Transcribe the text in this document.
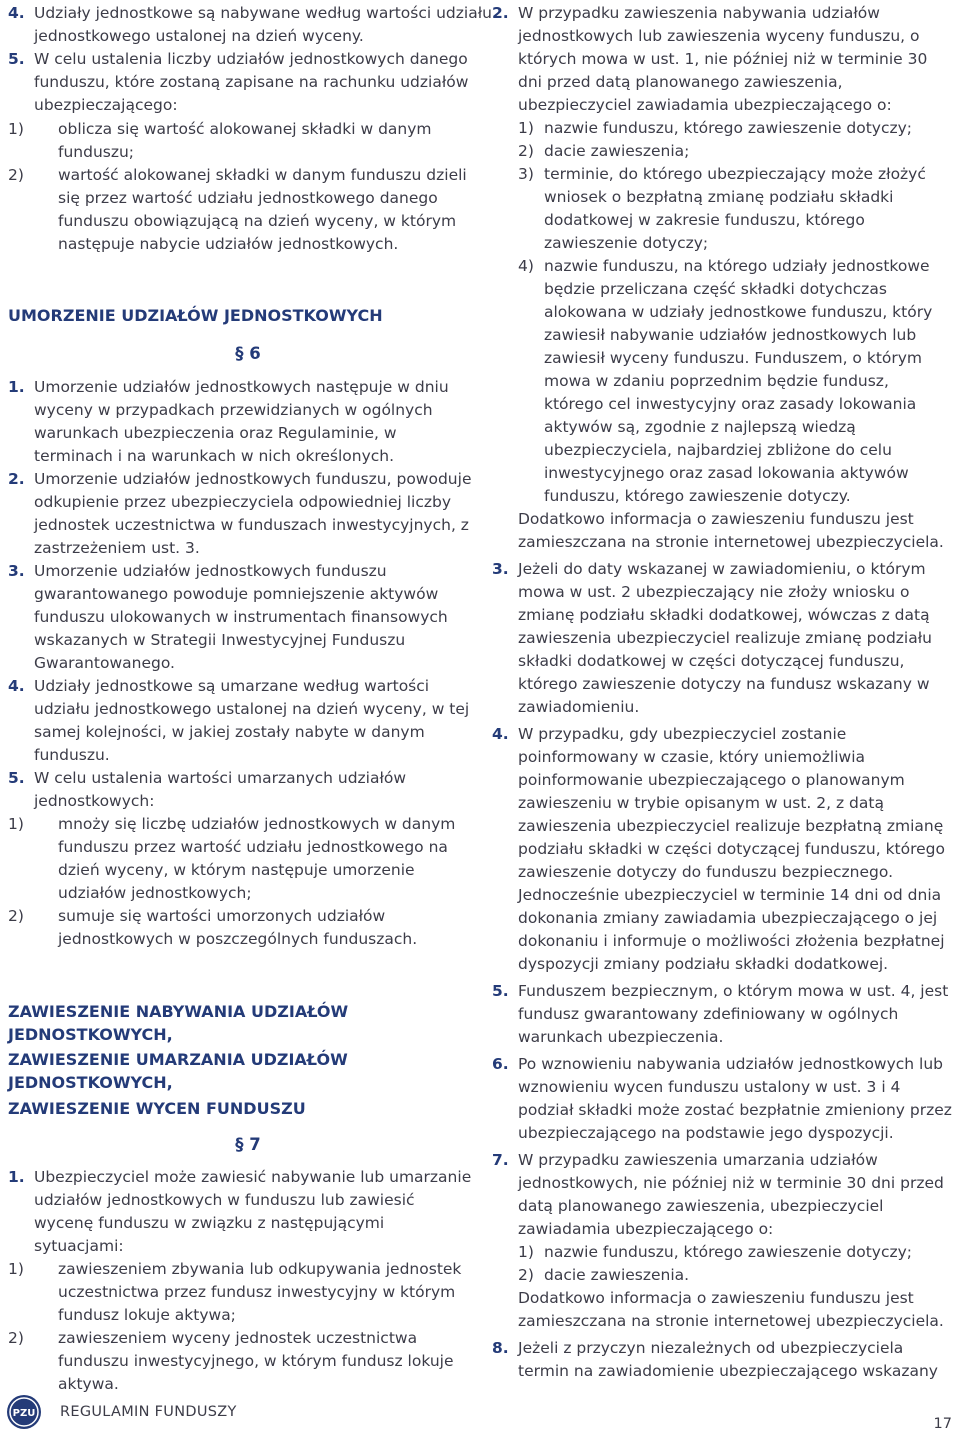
4. Udziały jednostkowe są nabywane według wartości udziału jednostkowego ustalonej na dzień wyceny.
5. W celu ustalenia liczby udziałów jednostkowych danego funduszu, które zostaną zapisane na rachunku udziałów ubezpieczającego:
1)	oblicza się wartość alokowanej składki w danym funduszu;
2)	wartość alokowanej składki w danym funduszu dzieli się przez wartość udziału jednostkowego danego funduszu obowiązującą na dzień wyceny, w którym następuje nabycie udziałów jednostkowych.
UMORZENIE UDZIAŁÓW JEDNOSTKOWYCH
§ 6
1. Umorzenie udziałów jednostkowych następuje w dniu wyceny w przypadkach przewidzianych w ogólnych warunkach ubezpieczenia oraz Regulaminie, w terminach i na warunkach w nich określonych.
2. Umorzenie udziałów jednostkowych funduszu, powoduje odkupienie przez ubezpieczyciela odpowiedniej liczby jednostek uczestnictwa w funduszach inwestycyjnych, z zastrzeżeniem ust. 3.
3. Umorzenie udziałów jednostkowych funduszu gwarantowanego powoduje pomniejszenie aktywów funduszu ulokowanych w instrumentach finansowych wskazanych w Strategii Inwestycyjnej Funduszu Gwarantowanego.
4. Udziały jednostkowe są umarzane według wartości udziału jednostkowego ustalonej na dzień wyceny, w tej samej kolejności, w jakiej zostały nabyte w danym funduszu.
5. W celu ustalenia wartości umarzanych udziałów jednostkowych:
1)	mnoży się liczbę udziałów jednostkowych w danym funduszu przez wartość udziału jednostkowego na dzień wyceny, w którym następuje umorzenie udziałów jednostkowych;
2)	sumuje się wartości umorzonych udziałów jednostkowych w poszczególnych funduszach.
ZAWIESZENIE NABYWANIA UDZIAŁÓW JEDNOSTKOWYCH,
ZAWIESZENIE UMARZANIA UDZIAŁÓW JEDNOSTKOWYCH,
ZAWIESZENIE WYCEN FUNDUSZU
§ 7
1. Ubezpieczyciel może zawiesić nabywanie lub umarzanie udziałów jednostkowych w funduszu lub zawiesić wycenę funduszu w związku z następującymi sytuacjami:
1)	zawieszeniem zbywania lub odkupywania jednostek uczestnictwa przez fundusz inwestycyjny w którym fundusz lokuje aktywa;
2)	zawieszeniem wyceny jednostek uczestnictwa funduszu inwestycyjnego, w którym fundusz lokuje aktywa.
2. W przypadku zawieszenia nabywania udziałów jednostkowych lub zawieszenia wyceny funduszu, o których mowa w ust. 1, nie później niż w terminie 30 dni przed datą planowanego zawieszenia, ubezpieczyciel zawiadamia ubezpieczającego o:
1) nazwie funduszu, którego zawieszenie dotyczy;
2) dacie zawieszenia;
3) terminie, do którego ubezpieczający może złożyć wniosek o bezpłatną zmianę podziału składki dodatkowej w zakresie funduszu, którego zawieszenie dotyczy;
4) nazwie funduszu, na którego udziały jednostkowe będzie przeliczana część składki dotychczas alokowana w udziały jednostkowe funduszu, który zawiesił nabywanie udziałów jednostkowych lub zawiesił wyceny funduszu. Funduszem, o którym mowa w zdaniu poprzednim będzie fundusz, którego cel inwestycyjny oraz zasady lokowania aktywów są, zgodnie z najlepszą wiedzą ubezpieczyciela, najbardziej zbliżone do celu inwestycyjnego oraz zasad lokowania aktywów funduszu, którego zawieszenie dotyczy.
Dodatkowo informacja o zawieszeniu funduszu jest zamieszczana na stronie internetowej ubezpieczyciela.
3. Jeżeli do daty wskazanej w zawiadomieniu, o którym mowa w ust. 2 ubezpieczający nie złoży wniosku o zmianę podziału składki dodatkowej, wówczas z datą zawieszenia ubezpieczyciel realizuje zmianę podziału składki dodatkowej w części dotyczącej funduszu, którego zawieszenie dotyczy na fundusz wskazany w zawiadomieniu.
4. W przypadku, gdy ubezpieczyciel zostanie poinformowany w czasie, który uniemożliwia poinformowanie ubezpieczającego o planowanym zawieszeniu w trybie opisanym w ust. 2, z datą zawieszenia ubezpieczyciel realizuje bezpłatną zmianę podziału składki w części dotyczącej funduszu, którego zawieszenie dotyczy do funduszu bezpiecznego. Jednocześnie ubezpieczyciel w terminie 14 dni od dnia dokonania zmiany zawiadamia ubezpieczającego o jej dokonaniu i informuje o możliwości złożenia bezpłatnej dyspozycji zmiany podziału składki dodatkowej.
5. Funduszem bezpiecznym, o którym mowa w ust. 4, jest fundusz gwarantowany zdefiniowany w ogólnych warunkach ubezpieczenia.
6. Po wznowieniu nabywania udziałów jednostkowych lub wznowieniu wycen funduszu ustalony w ust. 3 i 4 podział składki może zostać bezpłatnie zmieniony przez ubezpieczającego na podstawie jego dyspozycji.
7. W przypadku zawieszenia umarzania udziałów jednostkowych, nie później niż w terminie 30 dni przed datą planowanego zawieszenia, ubezpieczyciel zawiadamia ubezpieczającego o:
1) nazwie funduszu, którego zawieszenie dotyczy;
2) dacie zawieszenia.
Dodatkowo informacja o zawieszeniu funduszu jest zamieszczana na stronie internetowej ubezpieczyciela.
8. Jeżeli z przyczyn niezależnych od ubezpieczyciela termin na zawiadomienie ubezpieczającego wskazany
PZU REGULAMIN FUNDUSZY
17
